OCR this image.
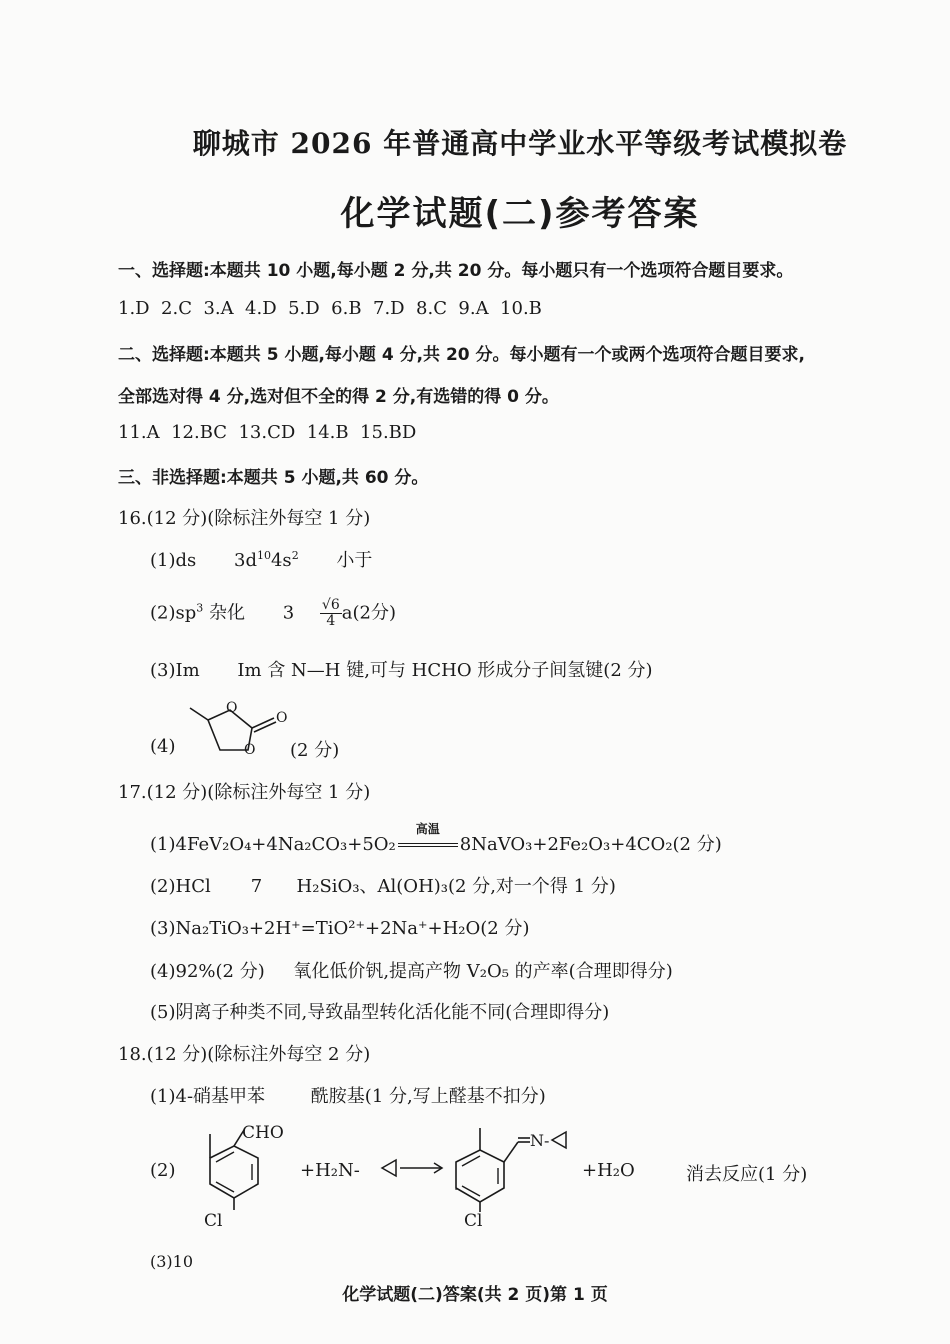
聊城市 2026 年普通高中学业水平等级考试模拟卷
化学试题(二)参考答案
一、选择题:本题共 10 小题,每小题 2 分,共 20 分。每小题只有一个选项符合题目要求。
1.D  2.C  3.A  4.D  5.D  6.B  7.D  8.C  9.A  10.B
二、选择题:本题共 5 小题,每小题 4 分,共 20 分。每小题有一个或两个选项符合题目要求,
全部选对得 4 分,选对但不全的得 2 分,有选错的得 0 分。
11.A  12.BC  13.CD  14.B  15.BD
三、非选择题:本题共 5 小题,共 60 分。
16.(12 分)(除标注外每空 1 分)
(1)ds $3d^{10}4s^2$ 小于
$(2)sp^3$ 杂化 $3 \frac{√6}{4} a(2$分)
(3)Im Im 含 N—H 键,可与 HCHO 形成分子间氢键(2 分)
(4)
O
O
O
(2 分)
17.(12 分)(除标注外每空 1 分)
(1)4FeV₂O₄+4Na₂CO₃+5O₂
高温
8NaVO₃+2Fe₂O₃+4CO₂(2 分)
(2)HCl       7      H₂SiO₃、Al(OH)₃(2 分,对一个得 1 分)
(3)Na₂TiO₃+2H⁺=TiO²⁺+2Na⁺+H₂O(2 分)
(4)92%(2 分)     氧化低价钒,提高产物 V₂O₅ 的产率(合理即得分)
(5)阴离子种类不同,导致晶型转化活化能不同(合理即得分)
18.(12 分)(除标注外每空 2 分)
(1)4-硝基甲苯        酰胺基(1 分,写上醛基不扣分)
(2)
CHO
Cl
+H₂N-
N-
Cl
+H₂O	消去反应(1 分)
(3)10
化学试题(二)答案(共 2 页)第 1 页
